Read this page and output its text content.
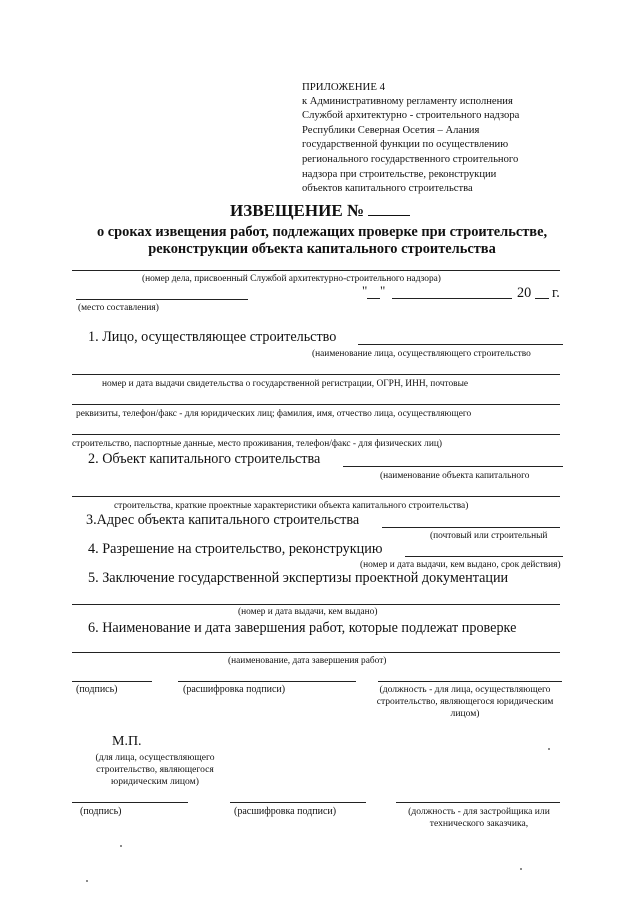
ПРИЛОЖЕНИЕ 4
к Административному регламенту исполнения
Службой архитектурно - строительного надзора
Республики Северная Осетия – Алания
государственной функции по осуществлению
регионального государственного строительного
надзора при строительстве, реконструкции
объектов капитального строительства
ИЗВЕЩЕНИЕ №
о сроках извещения работ, подлежащих проверке при строительстве,
реконструкции объекта капитального строительства
(номер дела, присвоенный Службой архитектурно-строительного надзора)
(место составления)
" "	20 г.
1. Лицо, осуществляющее строительство
(наименование лица, осуществляющего строительство
номер и дата выдачи свидетельства о государственной регистрации, ОГРН, ИНН, почтовые
реквизиты, телефон/факс - для юридических лиц; фамилия, имя, отчество лица, осуществляющего
строительство, паспортные данные, место проживания, телефон/факс - для физических лиц)
2. Объект капитального строительства
(наименование объекта капитального
строительства, краткие проектные характеристики объекта капитального строительства)
3.Адрес объекта капитального строительства
(почтовый или строительный
4. Разрешение на строительство, реконструкцию
(номер и дата выдачи, кем выдано, срок действия)
5. Заключение государственной экспертизы проектной документации
(номер и дата выдачи, кем выдано)
6. Наименование и дата завершения работ, которые подлежат проверке
(наименование, дата завершения работ)
(подпись)	(расшифровка подписи)	(должность - для лица, осуществляющего строительство, являющегося юридическим лицом)
М.П.
(для лица, осуществляющего строительство, являющегося юридическим лицом)
(подпись)	(расшифровка подписи)	(должность - для застройщика или технического заказчика,
